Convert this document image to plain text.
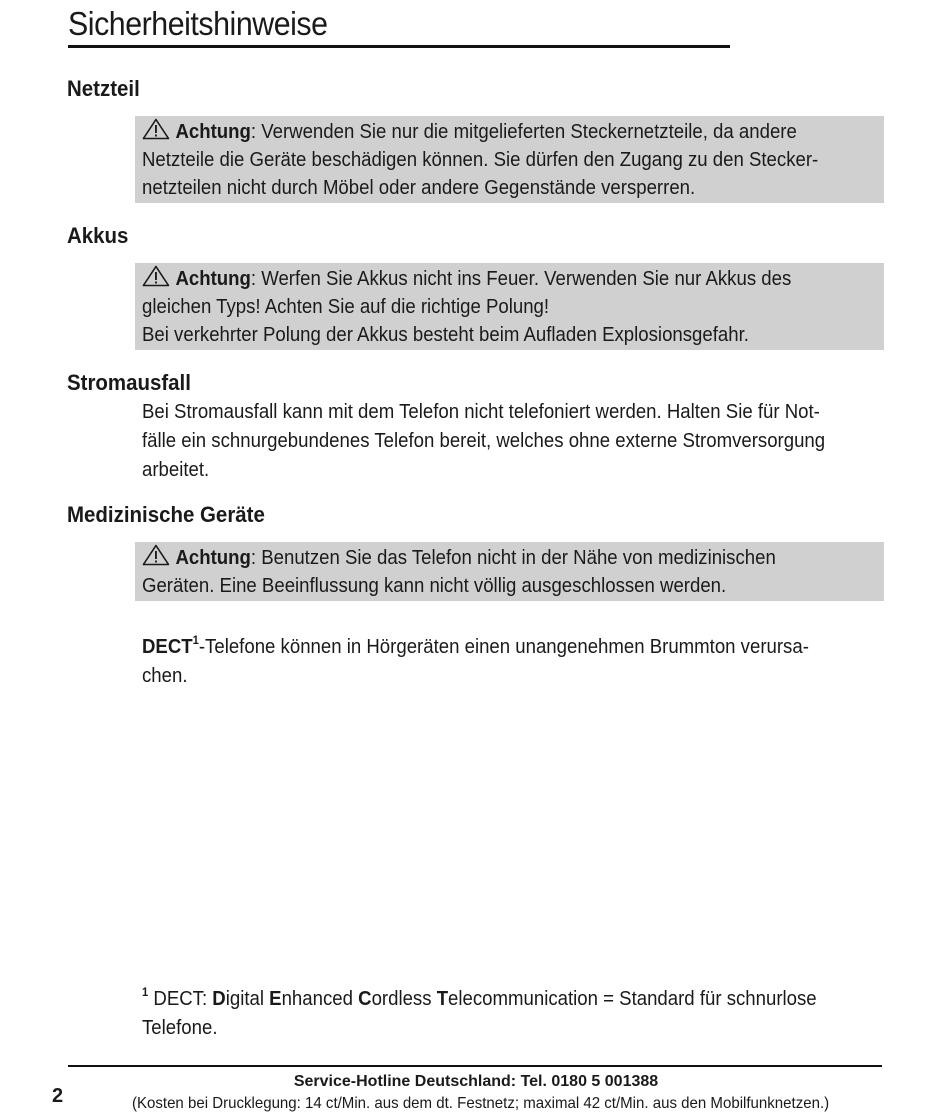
Sicherheitshinweise
Netzteil
Achtung: Verwenden Sie nur die mitgelieferten Steckernetzteile, da andere
Netzteile die Geräte beschädigen können. Sie dürfen den Zugang zu den Stecker-
netzteilen nicht durch Möbel oder andere Gegenstände versperren.
Akkus
Achtung: Werfen Sie Akkus nicht ins Feuer. Verwenden Sie nur Akkus des
gleichen Typs! Achten Sie auf die richtige Polung!
Bei verkehrter Polung der Akkus besteht beim Aufladen Explosionsgefahr.
Stromausfall
Bei Stromausfall kann mit dem Telefon nicht telefoniert werden. Halten Sie für Not-
fälle ein schnurgebundenes Telefon bereit, welches ohne externe Stromversorgung
arbeitet.
Medizinische Geräte
Achtung: Benutzen Sie das Telefon nicht in der Nähe von medizinischen
Geräten. Eine Beeinflussung kann nicht völlig ausgeschlossen werden.
DECT$^1$-Telefone können in Hörgeräten einen unangenehmen Brummton verursa-
chen.
$^1$ DECT: Digital Enhanced Cordless Telecommunication = Standard für schnurlose
Telefone.
2
Service-Hotline Deutschland: Tel. 0180 5 001388
(Kosten bei Drucklegung: 14 ct/Min. aus dem dt. Festnetz; maximal 42 ct/Min. aus den Mobilfunknetzen.)
